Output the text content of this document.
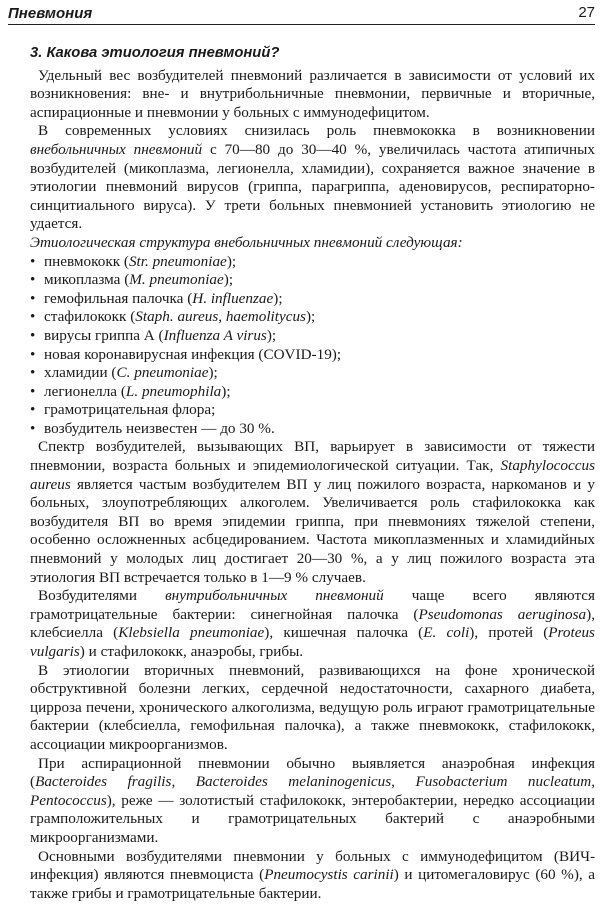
Пневмония	27
3. Какова этиология пневмоний?

Удельный вес возбудителей пневмоний различается в зависимости от условий их возникновения: вне- и внутрибольничные пневмонии, первичные и вторичные, аспирационные и пневмонии у больных с иммунодефицитом.

В современных условиях снизилась роль пневмококка в возникновении внебольничных пневмоний с 70—80 до 30—40 %, увеличилась частота атипичных возбудителей (микоплазма, легионелла, хламидии), сохраняется важное значение в этиологии пневмоний вирусов (гриппа, парагриппа, аденовирусов, респираторно-синцитиального вируса). У трети больных пневмонией установить этиологию не удается.

Этиологическая структура внебольничных пневмоний следующая:

• пневмококк (Str. pneumoniae);
• микоплазма (M. pneumoniae);
• гемофильная палочка (H. influenzae);
• стафилококк (Staph. aureus, haemolitycus);
• вирусы гриппа А (Influenza A virus);
• новая коронавирусная инфекция (COVID-19);
• хламидии (C. pneumoniae);
• легионелла (L. pneumophila);
• грамотрицательная флора;
• возбудитель неизвестен — до 30 %.

Спектр возбудителей, вызывающих ВП, варьирует в зависимости от тяжести пневмонии, возраста больных и эпидемиологической ситуации. Так, Staphylococcus aureus является частым возбудителем ВП у лиц пожилого возраста, наркоманов и у больных, злоупотребляющих алкоголем. Увеличивается роль стафилококка как возбудителя ВП во время эпидемии гриппа, при пневмониях тяжелой степени, особенно осложненных асбцедированием. Частота микоплазменных и хламидийных пневмоний у молодых лиц достигает 20—30 %, а у лиц пожилого возраста эта этиология ВП встречается только в 1—9 % случаев.

Возбудителями внутрибольничных пневмоний чаще всего являются грамотрицательные бактерии: синегнойная палочка (Pseudomonas aeruginosa), клебсиелла (Klebsiella pneumoniae), кишечная палочка (E. coli), протей (Proteus vulgaris) и стафилококк, анаэробы, грибы.

В этиологии вторичных пневмоний, развивающихся на фоне хронической обструктивной болезни легких, сердечной недостаточности, сахарного диабета, цирроза печени, хронического алкоголизма, ведущую роль играют грамотрицательные бактерии (клебсиелла, гемофильная палочка), а также пневмококк, стафилококк, ассоциации микроорганизмов.

При аспирационной пневмонии обычно выявляется анаэробная инфекция (Bacteroides fragilis, Bacteroides melaninogenicus, Fusobacterium nucleatum, Pentococcus), реже — золотистый стафилококк, энтеробактерии, нередко ассоциации грамположительных и грамотрицательных бактерий с анаэробными микроорганизмами.

Основными возбудителями пневмонии у больных с иммунодефицитом (ВИЧ-инфекция) являются пневмоциста (Pneumocystis carinii) и цитомегаловирус (60 %), а также грибы и грамотрицательные бактерии.
